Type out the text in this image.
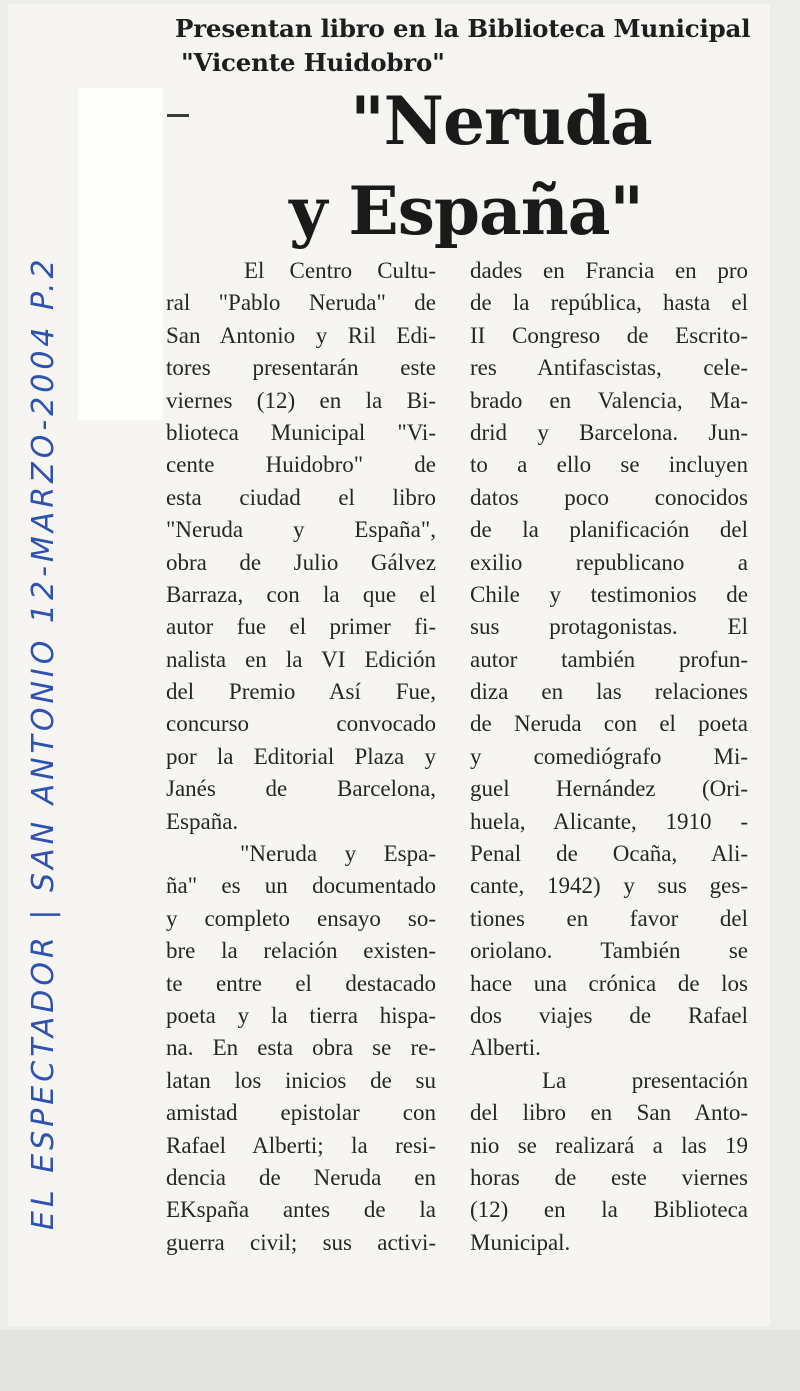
Presentan libro en la Biblioteca Municipal
"Vicente Huidobro"
"Neruda
y España"
El Centro Cultu-
ral "Pablo Neruda" de
San Antonio y Ril Edi-
tores presentarán este
viernes (12) en la Bi-
blioteca Municipal "Vi-
cente Huidobro" de
esta ciudad el libro
"Neruda y España",
obra de Julio Gálvez
Barraza, con la que el
autor fue el primer fi-
nalista en la VI Edición
del Premio Así Fue,
concurso convocado
por la Editorial Plaza y
Janés de Barcelona,
España.
"Neruda y Espa-
ña" es un documentado
y completo ensayo so-
bre la relación existen-
te entre el destacado
poeta y la tierra hispa-
na. En esta obra se re-
latan los inicios de su
amistad epistolar con
Rafael Alberti; la resi-
dencia de Neruda en
EKspaña antes de la
guerra civil; sus activi-
dades en Francia en pro
de la república, hasta el
II Congreso de Escrito-
res Antifascistas, cele-
brado en Valencia, Ma-
drid y Barcelona. Jun-
to a ello se incluyen
datos poco conocidos
de la planificación del
exilio republicano a
Chile y testimonios de
sus protagonistas. El
autor también profun-
diza en las relaciones
de Neruda con el poeta
y comediógrafo Mi-
guel Hernández (Ori-
huela, Alicante, 1910 -
Penal de Ocaña, Ali-
cante, 1942) y sus ges-
tiones en favor del
oriolano. También se
hace una crónica de los
dos viajes de Rafael
Alberti.
La presentación
del libro en San Anto-
nio se realizará a las 19
horas de este viernes
(12) en la Biblioteca
Municipal.
EL ESPECTADOR | SAN ANTONIO 12-MARZO-2004 P.2
